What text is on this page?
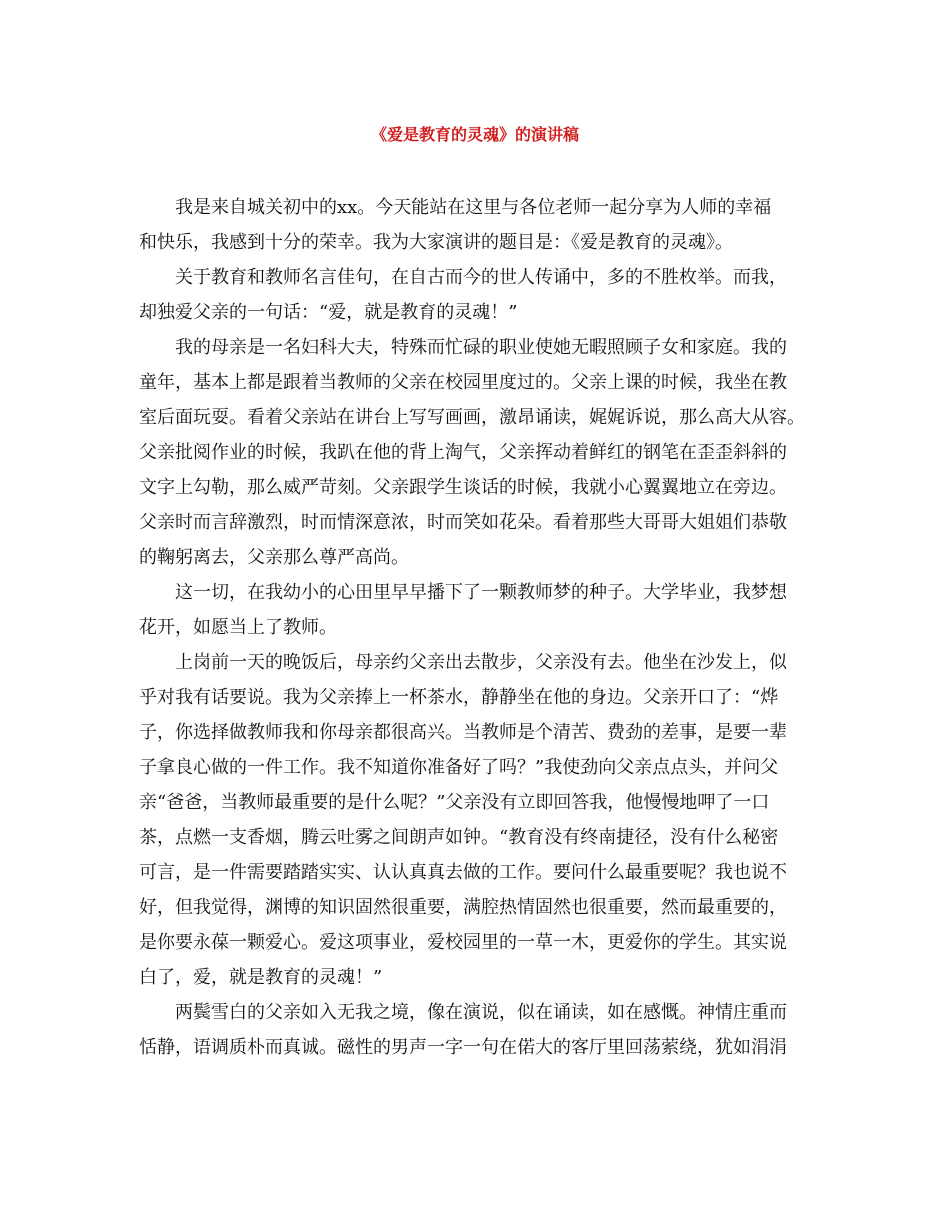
《爱是教育的灵魂》的演讲稿

我是来自城关初中的xx。今天能站在这里与各位老师一起分享为人师的幸福

和快乐，我感到十分的荣幸。我为大家演讲的题目是：《爱是教育的灵魂》。

关于教育和教师名言佳句，在自古而今的世人传诵中，多的不胜枚举。而我，

却独爱父亲的一句话：“爱，就是教育的灵魂！”

我的母亲是一名妇科大夫，特殊而忙碌的职业使她无暇照顾子女和家庭。我的

童年，基本上都是跟着当教师的父亲在校园里度过的。父亲上课的时候，我坐在教

室后面玩耍。看着父亲站在讲台上写写画画，激昂诵读，娓娓诉说，那么高大从容。

父亲批阅作业的时候，我趴在他的背上淘气，父亲挥动着鲜红的钢笔在歪歪斜斜的

文字上勾勒，那么威严苛刻。父亲跟学生谈话的时候，我就小心翼翼地立在旁边。

父亲时而言辞激烈，时而情深意浓，时而笑如花朵。看着那些大哥哥大姐姐们恭敬

的鞠躬离去，父亲那么尊严高尚。

这一切，在我幼小的心田里早早播下了一颗教师梦的种子。大学毕业，我梦想

花开，如愿当上了教师。

上岗前一天的晚饭后，母亲约父亲出去散步，父亲没有去。他坐在沙发上，似

乎对我有话要说。我为父亲捧上一杯茶水，静静坐在他的身边。父亲开口了：“烨

子，你选择做教师我和你母亲都很高兴。当教师是个清苦、费劲的差事，是要一辈

子拿良心做的一件工作。我不知道你准备好了吗？”我使劲向父亲点点头，并问父

亲“爸爸，当教师最重要的是什么呢？”父亲没有立即回答我，他慢慢地呷了一口

茶，点燃一支香烟，腾云吐雾之间朗声如钟。“教育没有终南捷径，没有什么秘密

可言，是一件需要踏踏实实、认认真真去做的工作。要问什么最重要呢？我也说不

好，但我觉得，渊博的知识固然很重要，满腔热情固然也很重要，然而最重要的，

是你要永葆一颗爱心。爱这项事业，爱校园里的一草一木，更爱你的学生。其实说

白了，爱，就是教育的灵魂！”

两鬓雪白的父亲如入无我之境，像在演说，似在诵读，如在感慨。神情庄重而

恬静，语调质朴而真诚。磁性的男声一字一句在偌大的客厅里回荡萦绕，犹如涓涓
